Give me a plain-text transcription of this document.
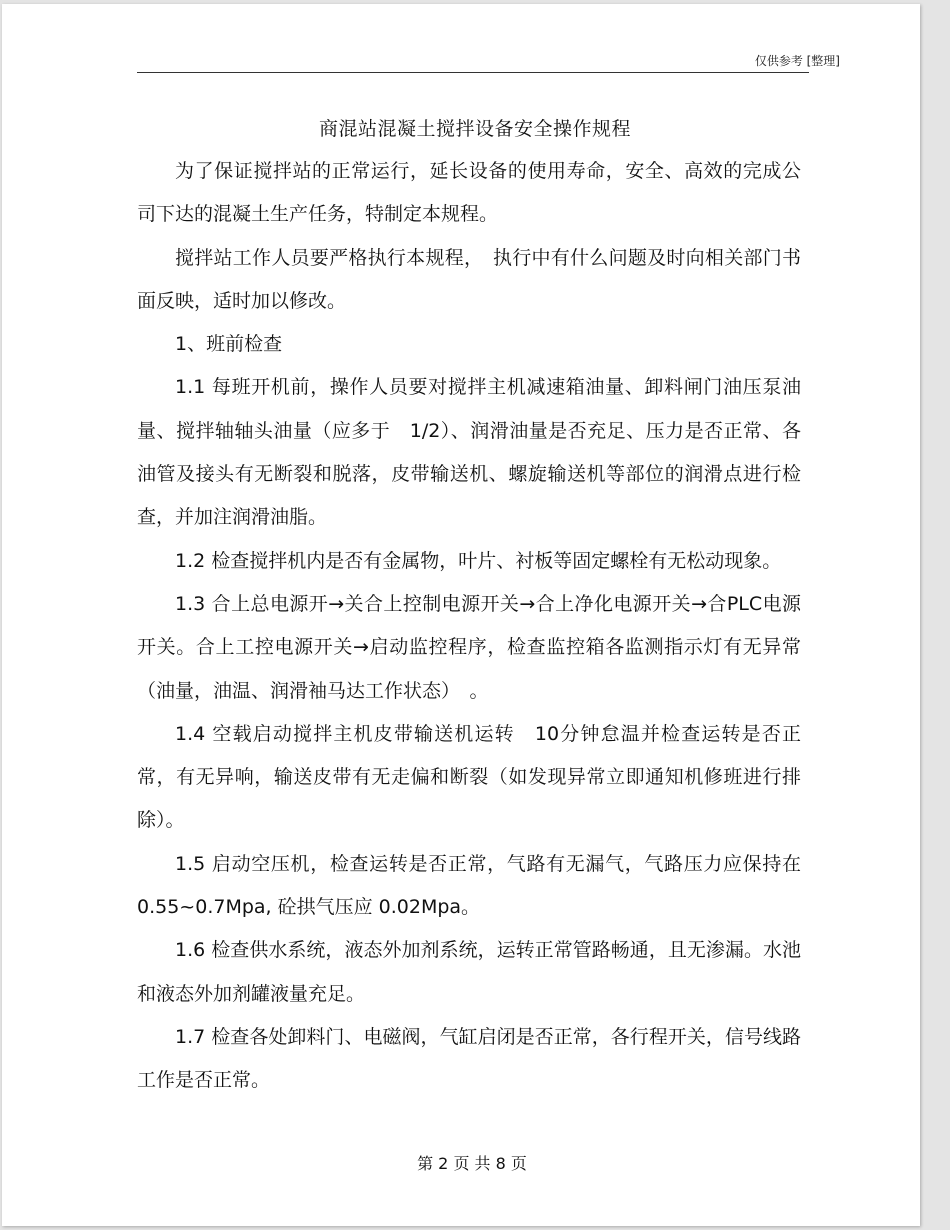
仅供参考 [整理]
商混站混凝土搅拌设备安全操作规程

为了保证搅拌站的正常运行，延长设备的使用寿命，安全、高效的完成公司下达的混凝土生产任务，特制定本规程。

搅拌站工作人员要严格执行本规程，　执行中有什么问题及时向相关部门书面反映，适时加以修改。

1、班前检查

1.1 每班开机前，操作人员要对搅拌主机减速箱油量、卸料闸门油压泵油量、搅拌轴轴头油量（应多于　1/2）、润滑油量是否充足、压力是否正常、各油管及接头有无断裂和脱落，皮带输送机、螺旋输送机等部位的润滑点进行检查，并加注润滑油脂。

1.2 检查搅拌机内是否有金属物，叶片、衬板等固定螺栓有无松动现象。

1.3 合上总电源开→关合上控制电源开关→合上净化电源开关→合PLC电源开关。合上工控电源开关→启动监控程序，检查监控箱各监测指示灯有无异常（油量，油温、润滑袖马达工作状态）　。

1.4 空载启动搅拌主机皮带输送机运转　10分钟怠温并检查运转是否正常，有无异响，输送皮带有无走偏和断裂（如发现异常立即通知机修班进行排除）。

1.5 启动空压机，检查运转是否正常，气路有无漏气，气路压力应保持在 0.55~0.7Mpa, 砼拱气压应 0.02Mpa。

1.6 检查供水系统，液态外加剂系统，运转正常管路畅通，且无渗漏。水池和液态外加剂罐液量充足。

1.7 检查各处卸料门、电磁阀，气缸启闭是否正常，各行程开关，信号线路工作是否正常。

第 2 页 共 8 页
